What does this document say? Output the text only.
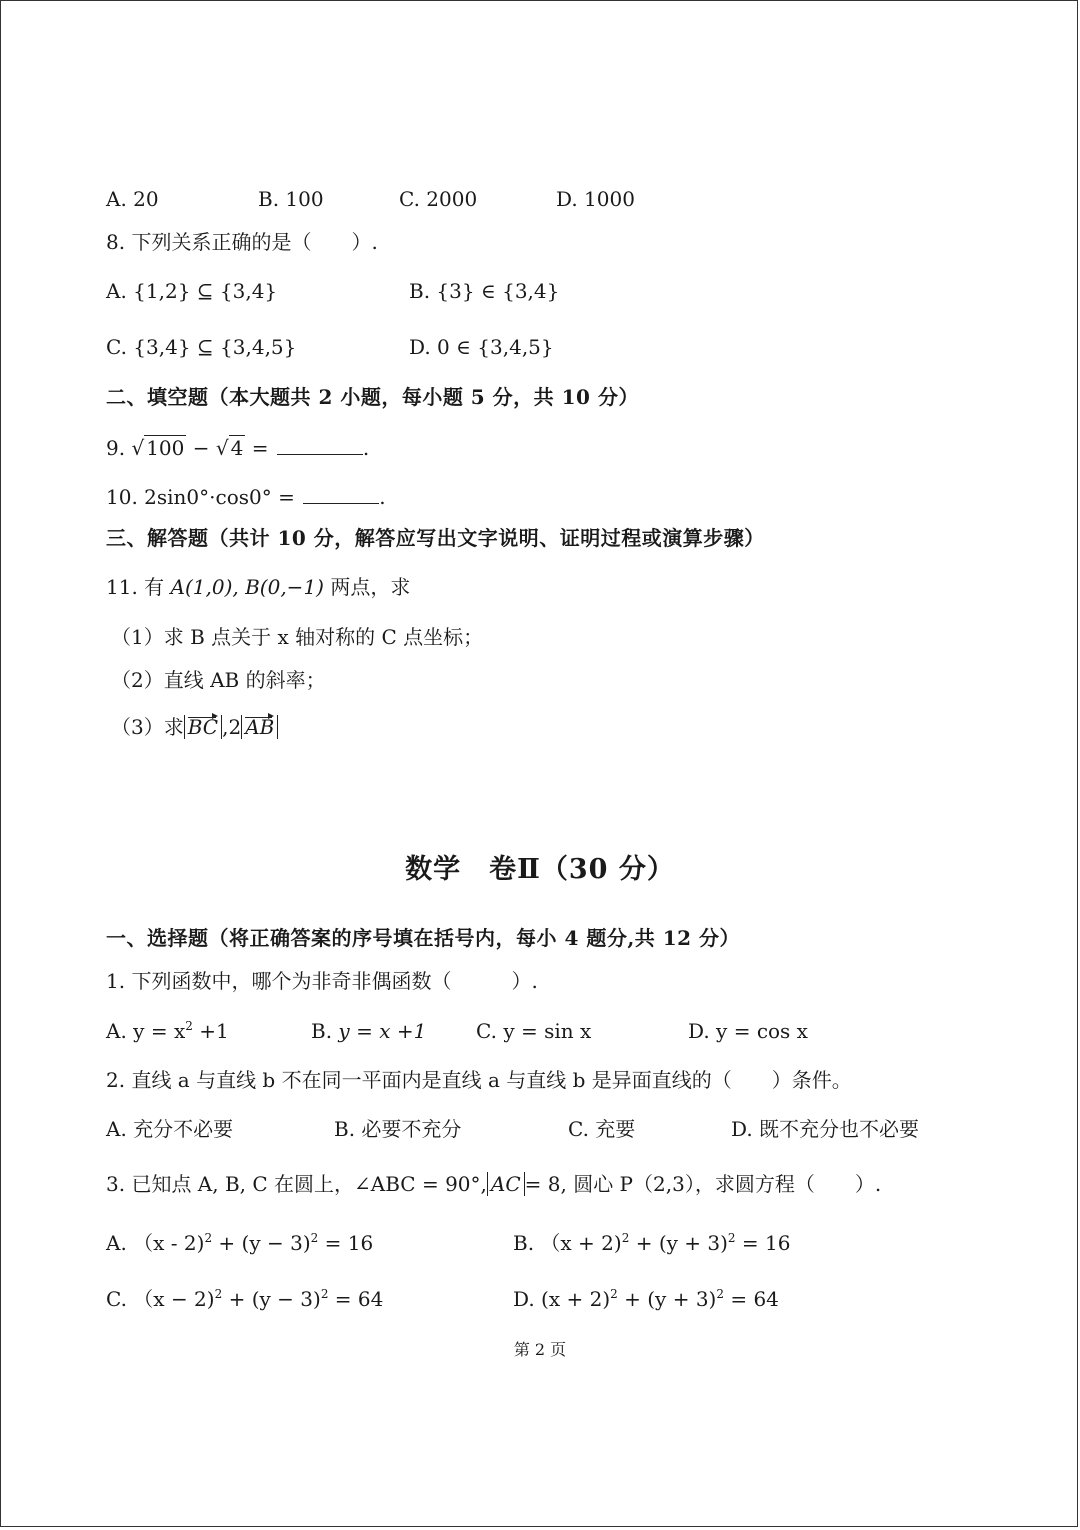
A. 20	B. 100	C. 2000	D. 1000
8. 下列关系正确的是（　　）.
A. {1,2} ⊆ {3,4}	B. {3} ∈ {3,4}
C. {3,4} ⊆ {3,4,5}	D. 0 ∈ {3,4,5}
二、填空题（本大题共 2 小题，每小题 5 分，共 10 分）
9. √ 100 − √ 4 =	.
10. 2sin0°·cos0° =	.
三、解答题（共计 10 分，解答应写出文字说明、证明过程或演算步骤）
11. 有 A(1,0), B(0,−1) 两点，求
（1）求 B 点关于 x 轴对称的 C 点坐标；
（2）直线 AB 的斜率；
（3）求 BC ,2 AB
数学　卷Ⅱ（30 分）
一、选择题（将正确答案的序号填在括号内，每小 4 题分,共 12 分）
1. 下列函数中，哪个为非奇非偶函数（　　　）.
A. $y = x^2 +1$	B. y = x +1 C. y = sin x	D. y = cos x
2. 直线 a 与直线 b 不在同一平面内是直线 a 与直线 b 是异面直线的（　　）条件。
A. 充分不必要	B. 必要不充分	C. 充要	D. 既不充分也不必要
3. 已知点 A, B, C 在圆上，∠ABC = 90°, AC = 8, 圆心 P（2,3），求圆方程（　　）.
A. $(x - 2)^2 + (y - 3)^2 = 16$	B. $(x + 2)^2 + (y + 3)^2 = 16$
C. $(x - 2)^2 + (y - 3)^2 = 64$	D. $(x + 2)^2 + (y + 3)^2 = 64$
第 2 页
